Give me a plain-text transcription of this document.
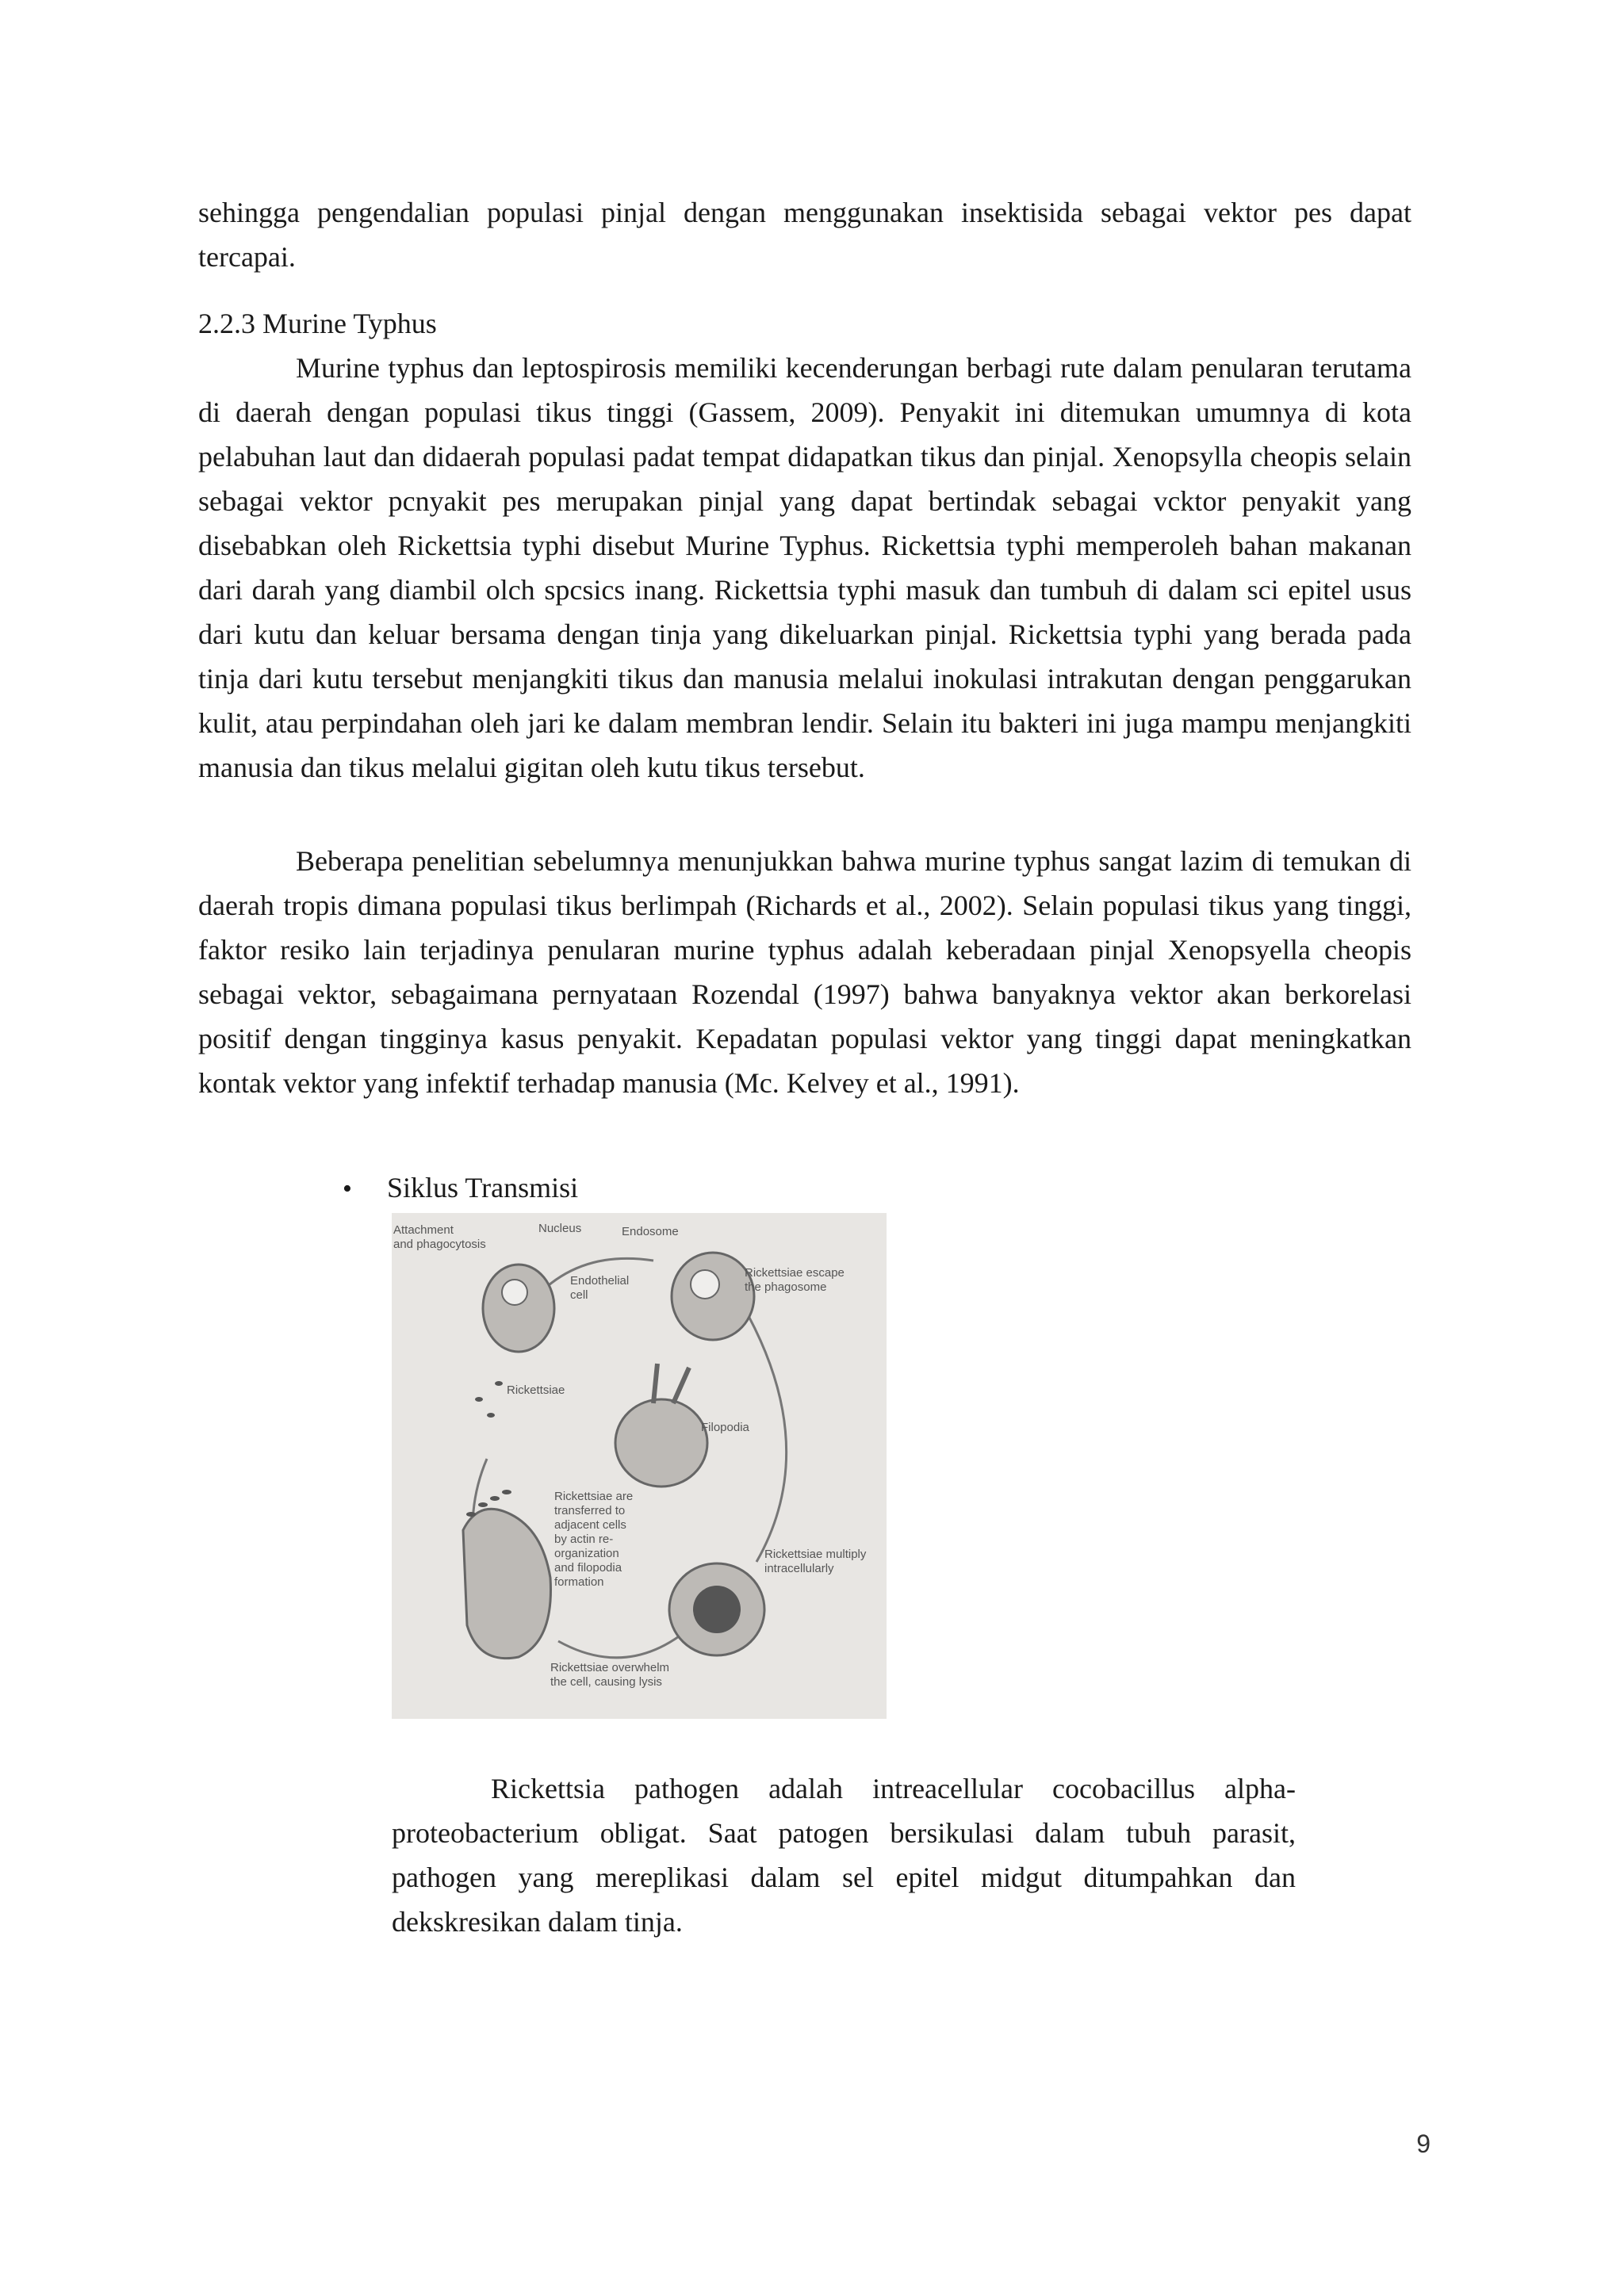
sehingga pengendalian populasi pinjal dengan menggunakan insektisida sebagai vektor pes dapat tercapai.

2.2.3 Murine Typhus

Murine typhus dan leptospirosis memiliki kecenderungan berbagi rute dalam penularan terutama di daerah dengan populasi tikus tinggi (Gassem, 2009). Penyakit ini ditemukan umumnya di kota pelabuhan laut dan didaerah populasi padat tempat didapatkan tikus dan pinjal. Xenopsylla cheopis selain sebagai vektor pcnyakit pes merupakan pinjal yang dapat bertindak sebagai vcktor penyakit yang disebabkan oleh Rickettsia typhi disebut Murine Typhus. Rickettsia typhi memperoleh bahan makanan dari darah yang diambil olch spcsics inang. Rickettsia typhi masuk dan tumbuh di dalam sci epitel usus dari kutu dan keluar bersama dengan tinja yang dikeluarkan pinjal. Rickettsia typhi yang berada pada tinja dari kutu tersebut menjangkiti tikus dan manusia melalui inokulasi intrakutan dengan penggarukan kulit, atau perpindahan oleh jari ke dalam membran lendir. Selain itu bakteri ini juga mampu menjangkiti manusia dan tikus melalui gigitan oleh kutu tikus tersebut.

Beberapa penelitian sebelumnya menunjukkan bahwa murine typhus sangat lazim di temukan di daerah tropis dimana populasi tikus berlimpah (Richards et al., 2002). Selain populasi tikus yang tinggi, faktor resiko lain terjadinya penularan murine typhus adalah keberadaan pinjal Xenopsyella cheopis sebagai vektor, sebagaimana pernyataan Rozendal (1997) bahwa banyaknya vektor akan berkorelasi positif dengan tingginya kasus penyakit. Kepadatan populasi vektor yang tinggi dapat meningkatkan kontak vektor yang infektif terhadap manusia (Mc. Kelvey et al., 1991).

• Siklus Transmisi
Attachment
and phagocytosis
Nucleus	Endosome
Endothelial
cell
Rickettsiae escape
the phagosome
Rickettsiae
Filopodia
Rickettsiae are
transferred to
adjacent cells
by actin re-
organization
and filopodia
formation
Rickettsiae multiply
intracellularly
Rickettsiae overwhelm
the cell, causing lysis

Rickettsia pathogen adalah intreacellular cocobacillus alpha-proteobacterium obligat. Saat patogen bersikulasi dalam tubuh parasit, pathogen yang mereplikasi dalam sel epitel midgut ditumpahkan dan dekskresikan dalam tinja.

9
